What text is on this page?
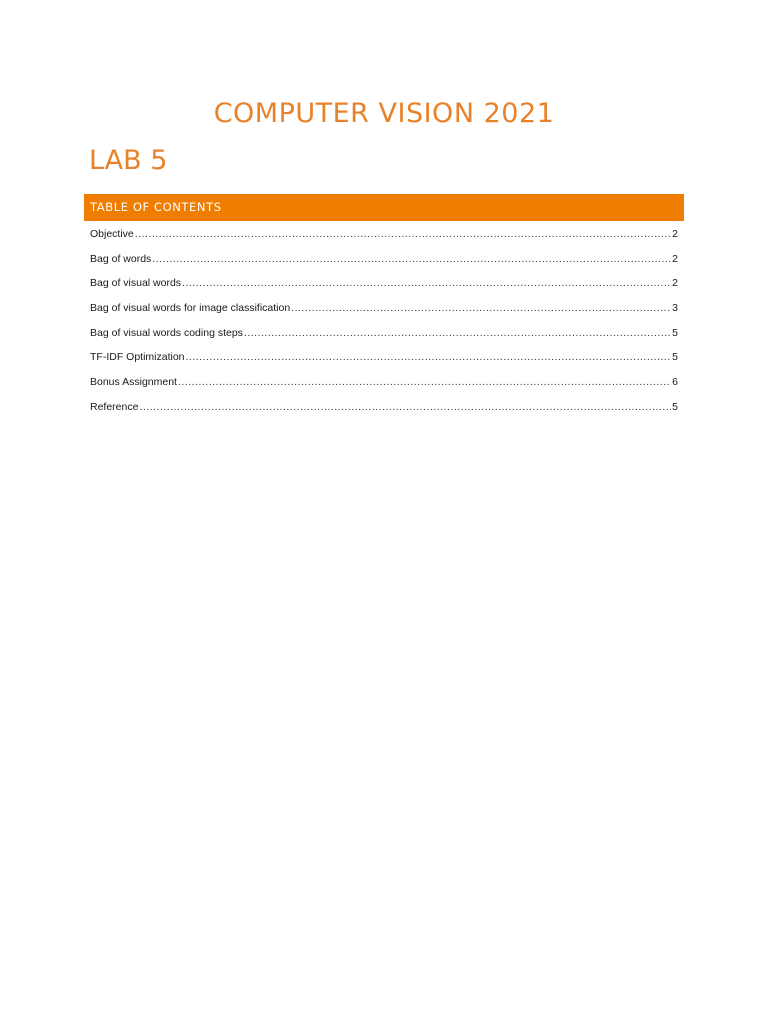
COMPUTER VISION 2021
LAB 5
TABLE OF CONTENTS
Objective .....	2
Bag of words .....	2
Bag of visual words .....	2
Bag of visual words for image classification .....	3
Bag of visual words coding steps .....	5
TF-IDF Optimization .....	5
Bonus Assignment .....	6
Reference .....	5
